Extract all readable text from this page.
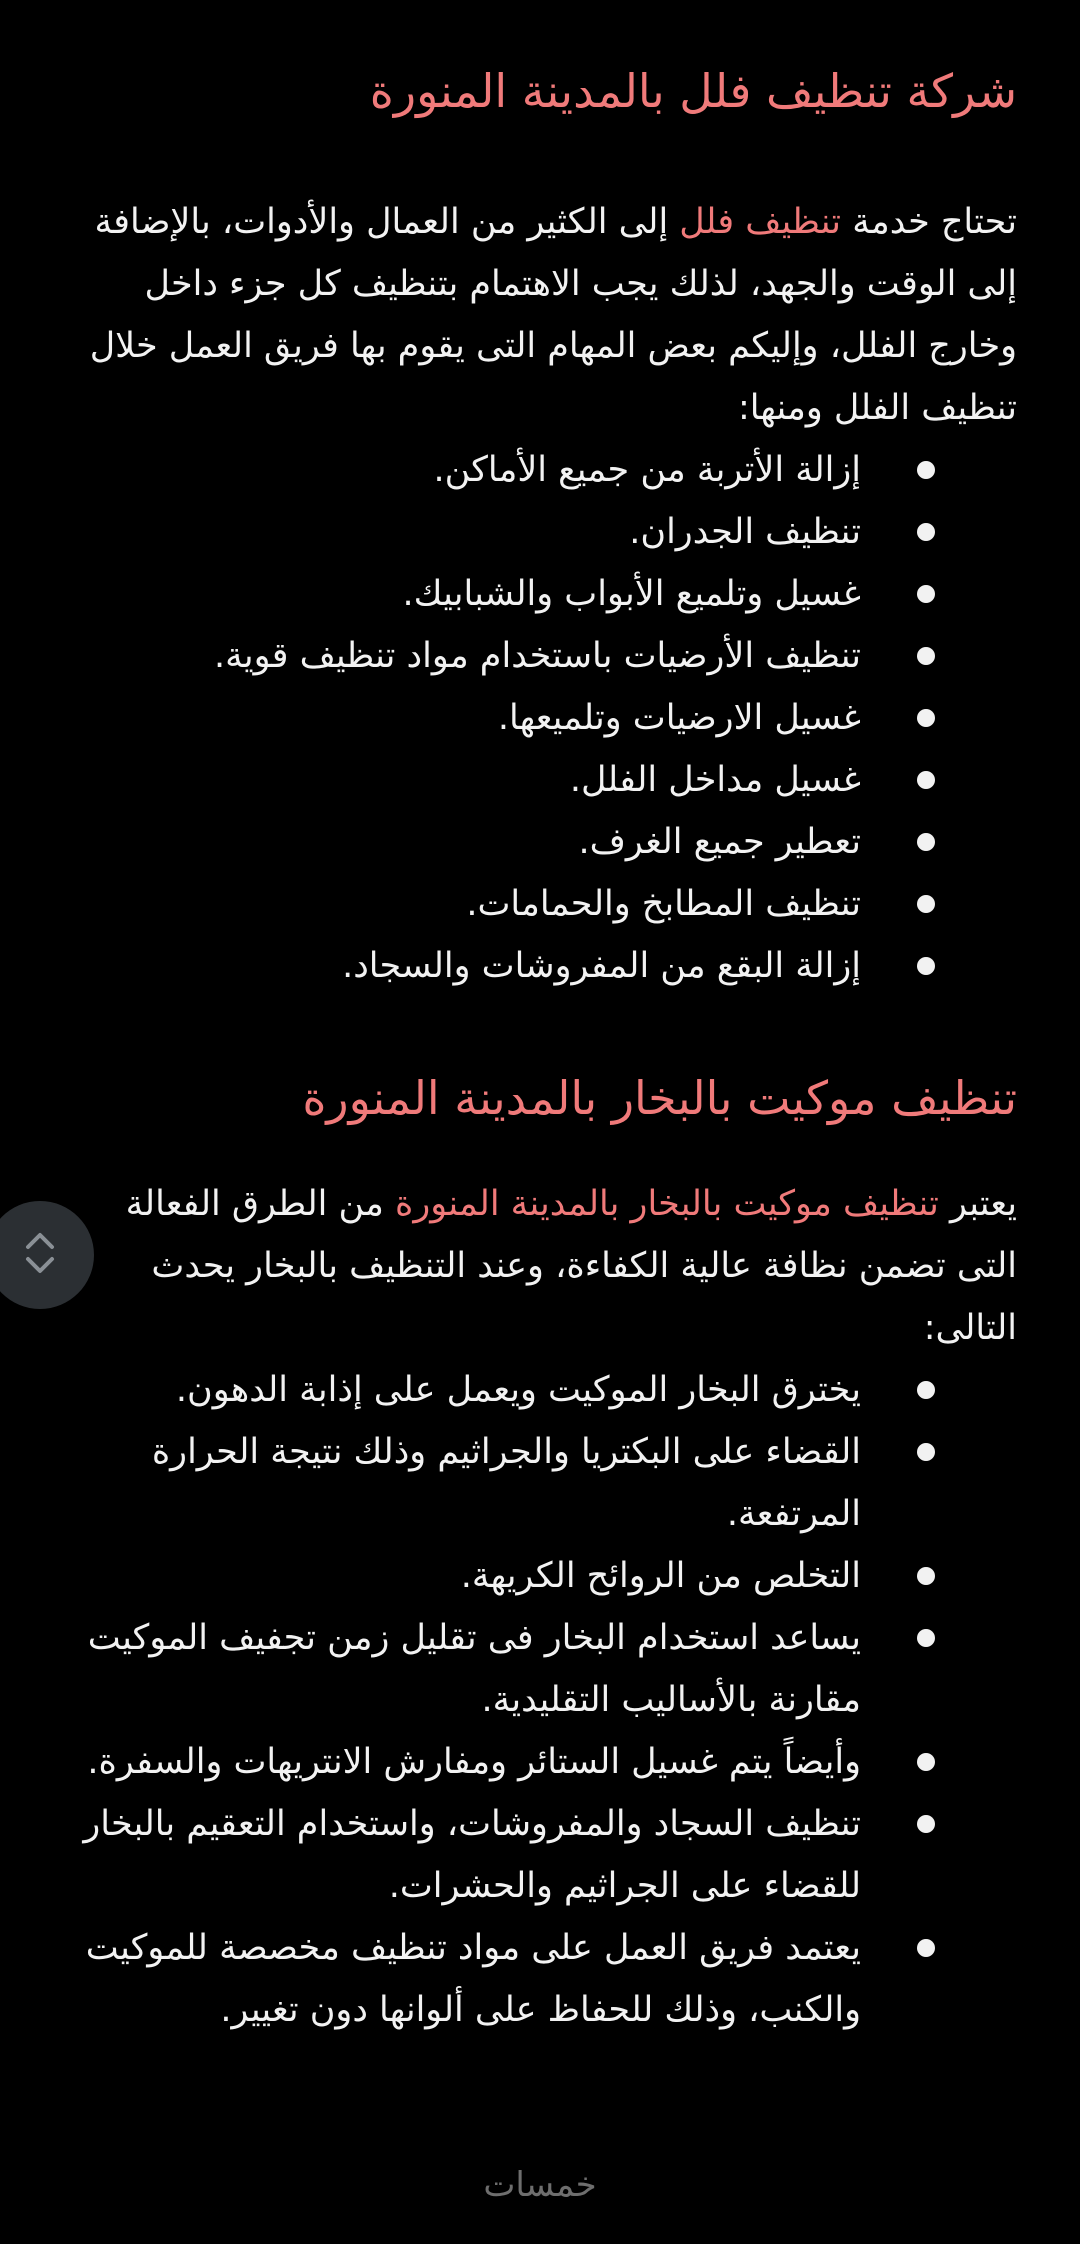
شركة تنظيف فلل بالمدينة المنورة

تحتاج خدمة تنظيف فلل إلى الكثير من العمال والأدوات، بالإضافة إلى الوقت والجهد، لذلك يجب الاهتمام بتنظيف كل جزء داخل وخارج الفلل، وإليكم بعض المهام التى يقوم بها فريق العمل خلال تنظيف الفلل ومنها:

إزالة الأتربة من جميع الأماكن.
تنظيف الجدران.
غسيل وتلميع الأبواب والشبابيك.
تنظيف الأرضيات باستخدام مواد تنظيف قوية.
غسيل الارضيات وتلميعها.
غسيل مداخل الفلل.
تعطير جميع الغرف.
تنظيف المطابخ والحمامات.
إزالة البقع من المفروشات والسجاد.
تنظيف موكيت بالبخار بالمدينة المنورة

يعتبر تنظيف موكيت بالبخار بالمدينة المنورة من الطرق الفعالة التى تضمن نظافة عالية الكفاءة، وعند التنظيف بالبخار يحدث التالى:

يخترق البخار الموكيت ويعمل على إذابة الدهون.
القضاء على البكتريا والجراثيم وذلك نتيجة الحرارة المرتفعة.
التخلص من الروائح الكريهة.
يساعد استخدام البخار فى تقليل زمن تجفيف الموكيت مقارنة بالأساليب التقليدية.
وأيضاً يتم غسيل الستائر ومفارش الانتريهات والسفرة.
تنظيف السجاد والمفروشات، واستخدام التعقيم بالبخار للقضاء على الجراثيم والحشرات.
يعتمد فريق العمل على مواد تنظيف مخصصة للموكيت والكنب، وذلك للحفاظ على ألوانها دون تغيير.
خمسات
